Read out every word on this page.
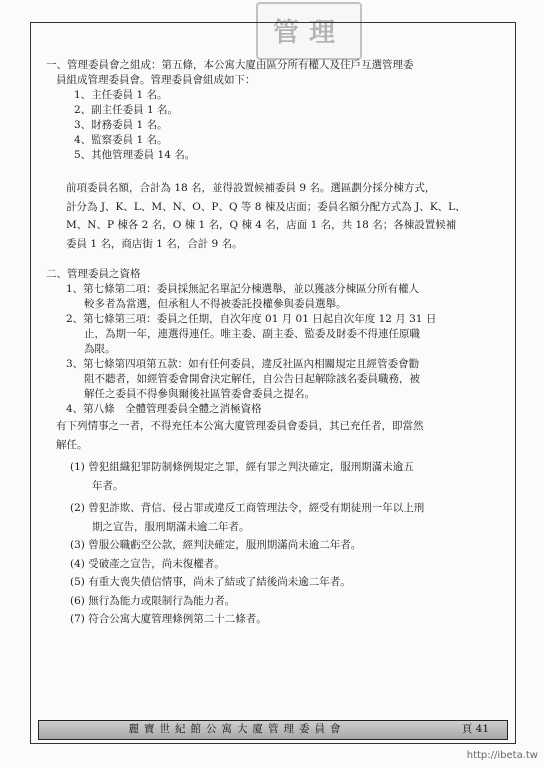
管理

一、管理委員會之組成：第五條，本公寓大廈由區分所有權人及住戶互選管理委

員組成管理委員會。管理委員會組成如下：

1、主任委員 1 名。

2、副主任委員 1 名。

3、財務委員 1 名。

4、監察委員 1 名。

5、其他管理委員 14 名。

前項委員名額，合計為 18 名，並得設置候補委員 9 名。選區劃分採分棟方式，

計分為 J、K、L、M、N、O、P、Q 等 8 棟及店面；委員名額分配方式為 J、K、L、

M、N、P 棟各 2 名，O 棟 1 名，Q 棟 4 名，店面 1 名，共 18 名；各棟設置候補

委員 1 名，商店街 1 名，合計 9 名。

二、管理委員之資格

1、第七條第二項：委員採無記名單記分棟選舉，並以獲該分棟區分所有權人

較多者為當選，但承租人不得被委託投權參與委員選舉。

2、第七條第三項：委員之任期，自次年度 01 月 01 日起自次年度 12 月 31 日

止，為期一年，連選得連任。唯主委、副主委、監委及財委不得連任原職

為限。

3、第七條第四項第五款：如有任何委員，違反社區內相關規定且經管委會勸

阻不聽者，如經管委會開會決定解任，自公告日起解除該名委員職務，被

解任之委員不得參與爾後社區管委會委員之提名。

4、第八條　全體管理委員全體之消極資格

有下列情事之一者，不得充任本公寓大廈管理委員會委員，其已充任者，即當然

解任。

(1) 曾犯組織犯罪防制條例規定之罪，經有罪之判決確定，服刑期滿未逾五

年者。

(2) 曾犯詐欺、背信、侵占罪或違反工商管理法令，經受有期徒刑一年以上刑

期之宣告，服刑期滿未逾二年者。

(3) 曾服公職虧空公款，經判決確定，服刑期滿尚未逾二年者。

(4) 受破產之宣告，尚未復權者。

(5) 有重大喪失債信情事，尚未了結或了結後尚未逾二年者。

(6) 無行為能力或限制行為能力者。

(7) 符合公寓大廈管理條例第二十二條者。

麗寶世紀館公寓大廈管理委員會	頁 41
http://ibeta.tw
